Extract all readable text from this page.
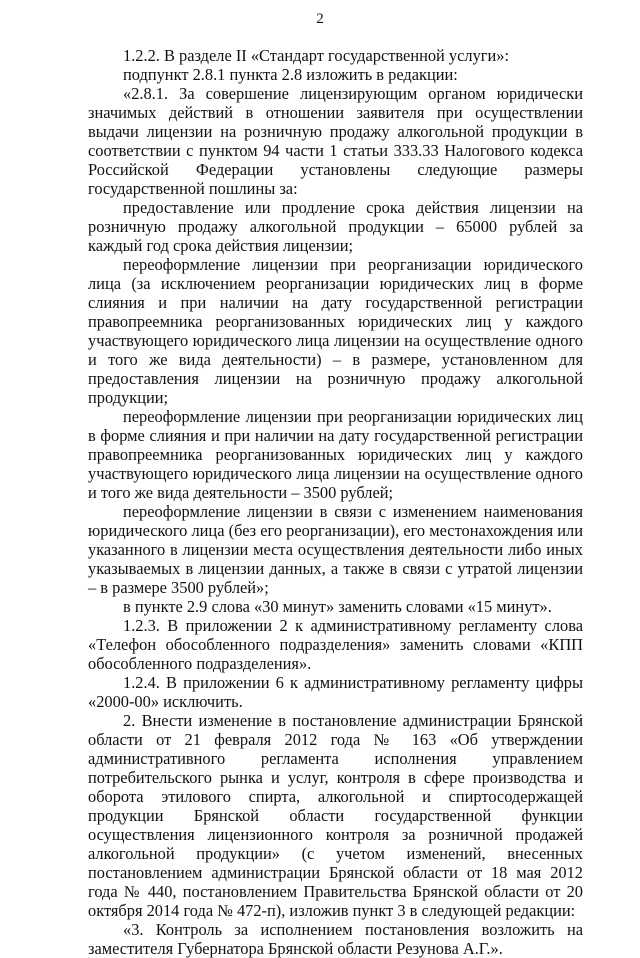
2

1.2.2. В разделе II «Стандарт государственной услуги»:

подпункт 2.8.1 пункта 2.8 изложить в редакции:

«2.8.1. За совершение лицензирующим органом юридически значимых действий в отношении заявителя при осуществлении выдачи лицензии на розничную продажу алкогольной продукции в соответствии с пунктом 94 части 1 статьи 333.33 Налогового кодекса Российской Федерации установлены следующие размеры государственной пошлины за:

предоставление или продление срока действия лицензии на розничную продажу алкогольной продукции – 65000 рублей за каждый год срока действия лицензии;

переоформление лицензии при реорганизации юридического лица (за исключением реорганизации юридических лиц в форме слияния и при наличии на дату государственной регистрации правопреемника реорганизованных юридических лиц у каждого участвующего юридического лица лицензии на осуществление одного и того же вида деятельности) – в размере, установленном для предоставления лицензии на розничную продажу алкогольной продукции;

переоформление лицензии при реорганизации юридических лиц в форме слияния и при наличии на дату государственной регистрации правопреемника реорганизованных юридических лиц у каждого участвующего юридического лица лицензии на осуществление одного и того же вида деятельности – 3500 рублей;

переоформление лицензии в связи с изменением наименования юридического лица (без его реорганизации), его местонахождения или указанного в лицензии места осуществления деятельности либо иных указываемых в лицензии данных, а также в связи с утратой лицензии – в размере 3500 рублей»;

в пункте 2.9 слова «30 минут» заменить словами «15 минут».

1.2.3. В приложении 2 к административному регламенту слова «Телефон обособленного подразделения» заменить словами «КПП обособленного подразделения».

1.2.4. В приложении 6 к административному регламенту цифры «2000-00» исключить.

2. Внести изменение в постановление администрации Брянской области от 21 февраля 2012 года № 163 «Об утверждении административного регламента исполнения управлением потребительского рынка и услуг, контроля в сфере производства и оборота этилового спирта, алкогольной и спиртосодержащей продукции Брянской области государственной функции осуществления лицензионного контроля за розничной продажей алкогольной продукции» (с учетом изменений, внесенных постановлением администрации Брянской области от 18 мая 2012 года № 440, постановлением Правительства Брянской области от 20 октября 2014 года № 472-п), изложив пункт 3 в следующей редакции:

«3. Контроль за исполнением постановления возложить на заместителя Губернатора Брянской области Резунова А.Г.».
